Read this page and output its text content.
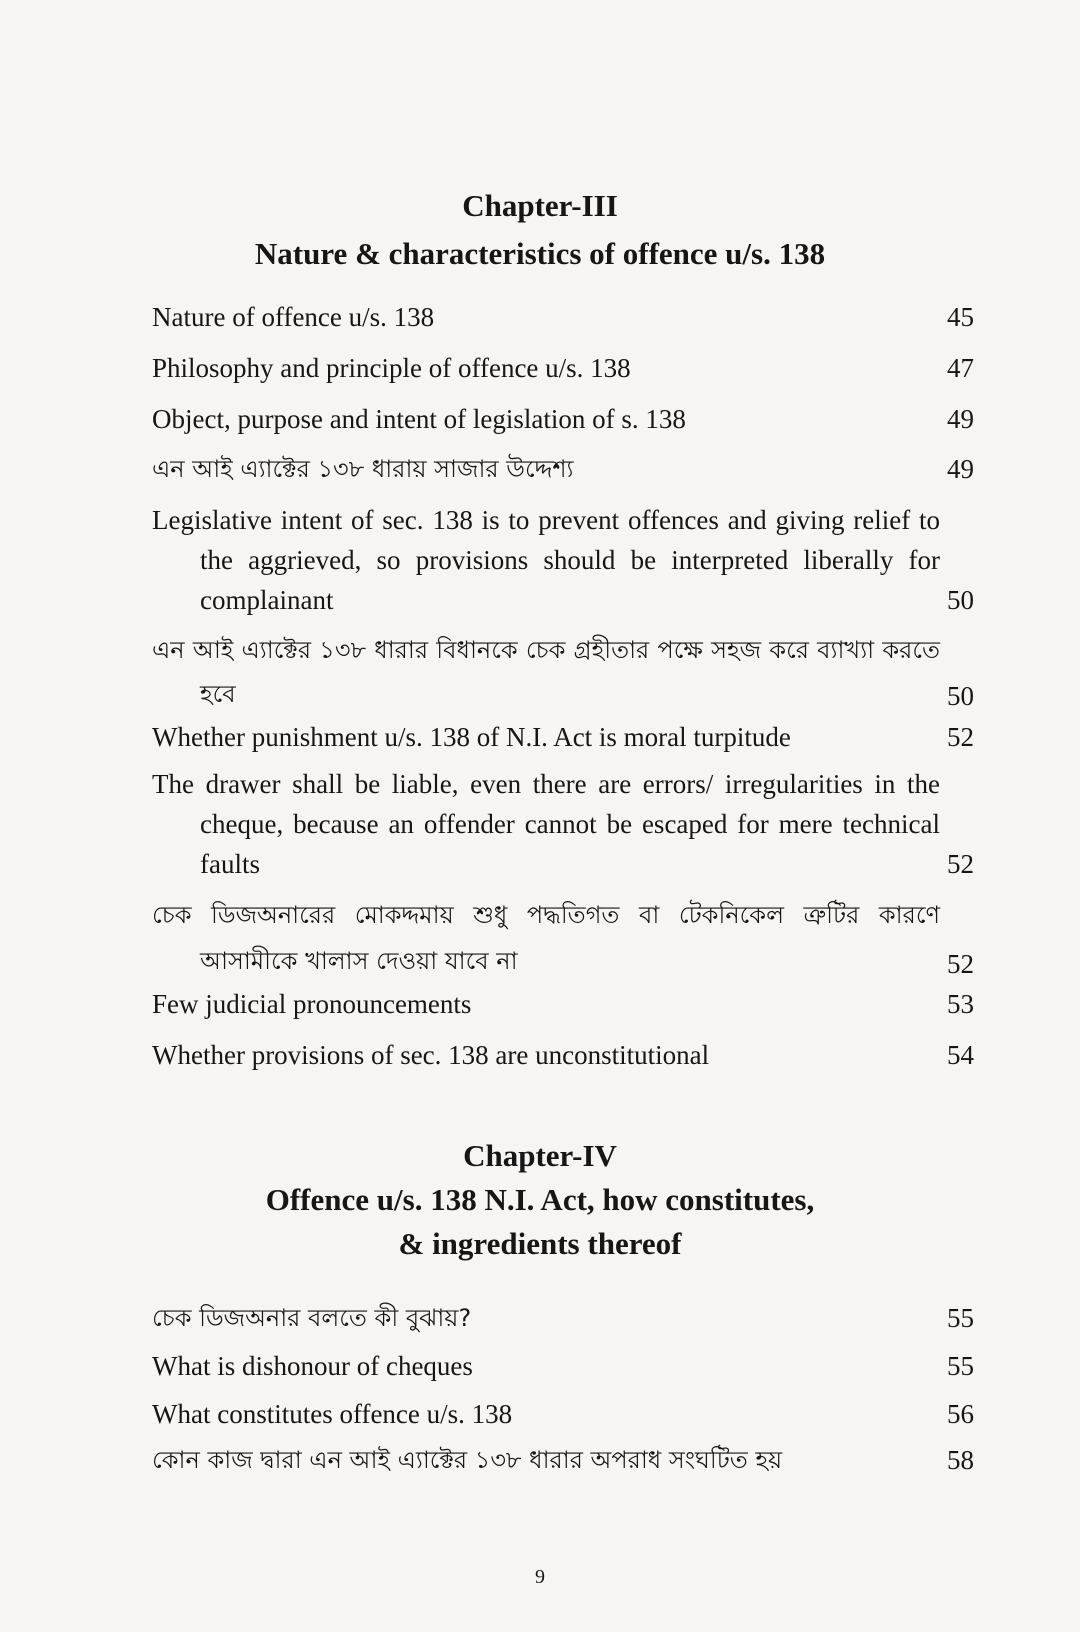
Chapter-III
Nature & characteristics of offence u/s. 138
Nature of offence u/s. 138	45
Philosophy and principle of offence u/s. 138	47
Object, purpose and intent of legislation of s. 138	49
এন আই এ্যাক্টের ১৩৮ ধারায় সাজার উদ্দেশ্য	49
Legislative intent of sec. 138 is to prevent offences and giving relief to the aggrieved, so provisions should be interpreted liberally for complainant	50
এন আই এ্যাক্টের ১৩৮ ধারার বিধানকে চেক গ্রহীতার পক্ষে সহজ করে ব্যাখ্যা করতে হবে	50
Whether punishment u/s. 138 of N.I. Act is moral turpitude	52
The drawer shall be liable, even there are errors/ irregularities in the cheque, because an offender cannot be escaped for mere technical faults	52
চেক ডিজঅনারের মোকদ্দমায় শুধু পদ্ধতিগত বা টেকনিকেল ত্রুটির কারণে আসামীকে খালাস দেওয়া যাবে না	52
Few judicial pronouncements	53
Whether provisions of sec. 138 are unconstitutional	54
Chapter-IV
Offence u/s. 138 N.I. Act, how constitutes,
& ingredients thereof
চেক ডিজঅনার বলতে কী বুঝায়?	55
What is dishonour of cheques	55
What constitutes offence u/s. 138	56
কোন কাজ দ্বারা এন আই এ্যাক্টের ১৩৮ ধারার অপরাধ সংঘটিত হয়	58
9
